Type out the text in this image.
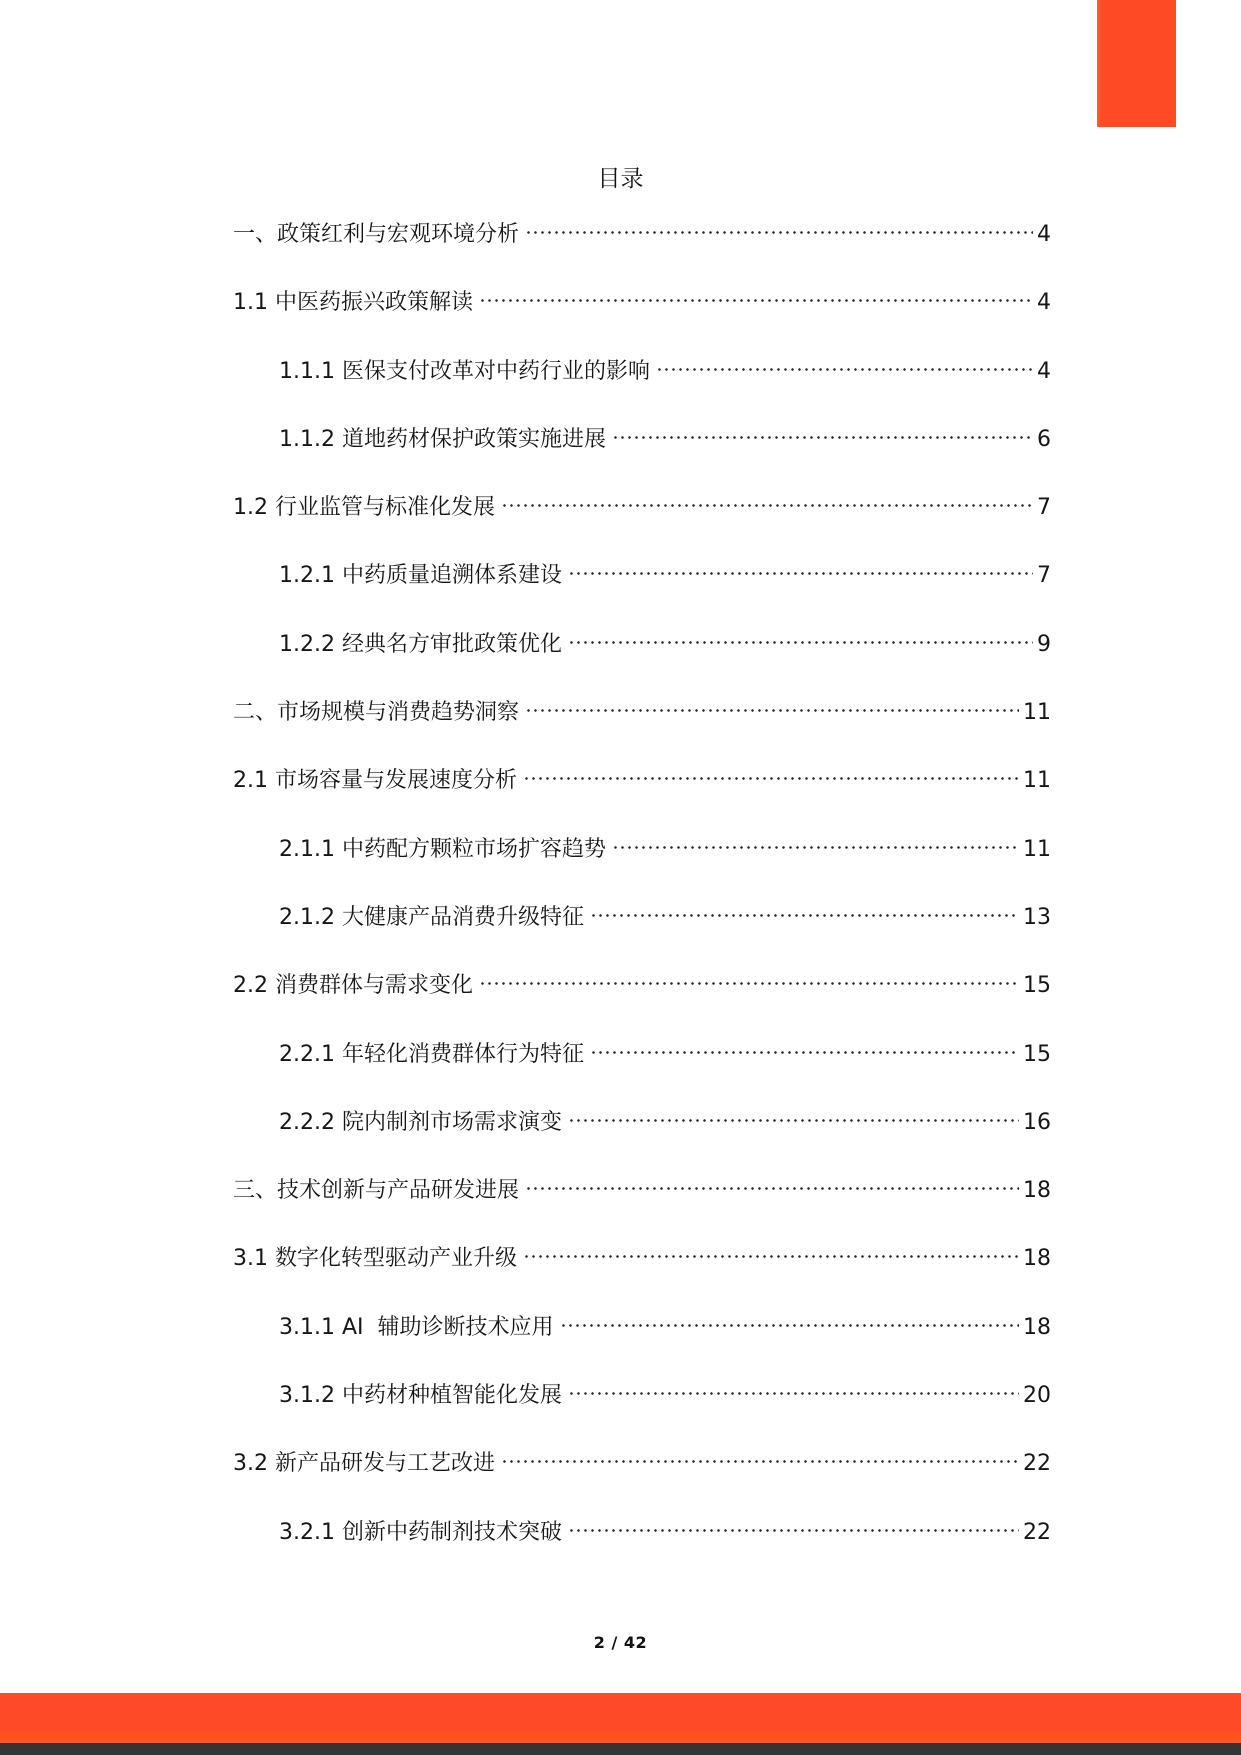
目录
一、政策红利与宏观环境分析	4
1.1 中医药振兴政策解读	4
1.1.1 医保支付改革对中药行业的影响	4
1.1.2 道地药材保护政策实施进展	6
1.2 行业监管与标准化发展	7
1.2.1 中药质量追溯体系建设	7
1.2.2 经典名方审批政策优化	9
二、市场规模与消费趋势洞察	11
2.1 市场容量与发展速度分析	11
2.1.1 中药配方颗粒市场扩容趋势	11
2.1.2 大健康产品消费升级特征	13
2.2 消费群体与需求变化	15
2.2.1 年轻化消费群体行为特征	15
2.2.2 院内制剂市场需求演变	16
三、技术创新与产品研发进展	18
3.1 数字化转型驱动产业升级	18
3.1.1 AI  辅助诊断技术应用	18
3.1.2 中药材种植智能化发展	20
3.2 新产品研发与工艺改进	22
3.2.1 创新中药制剂技术突破	22
2 / 42
